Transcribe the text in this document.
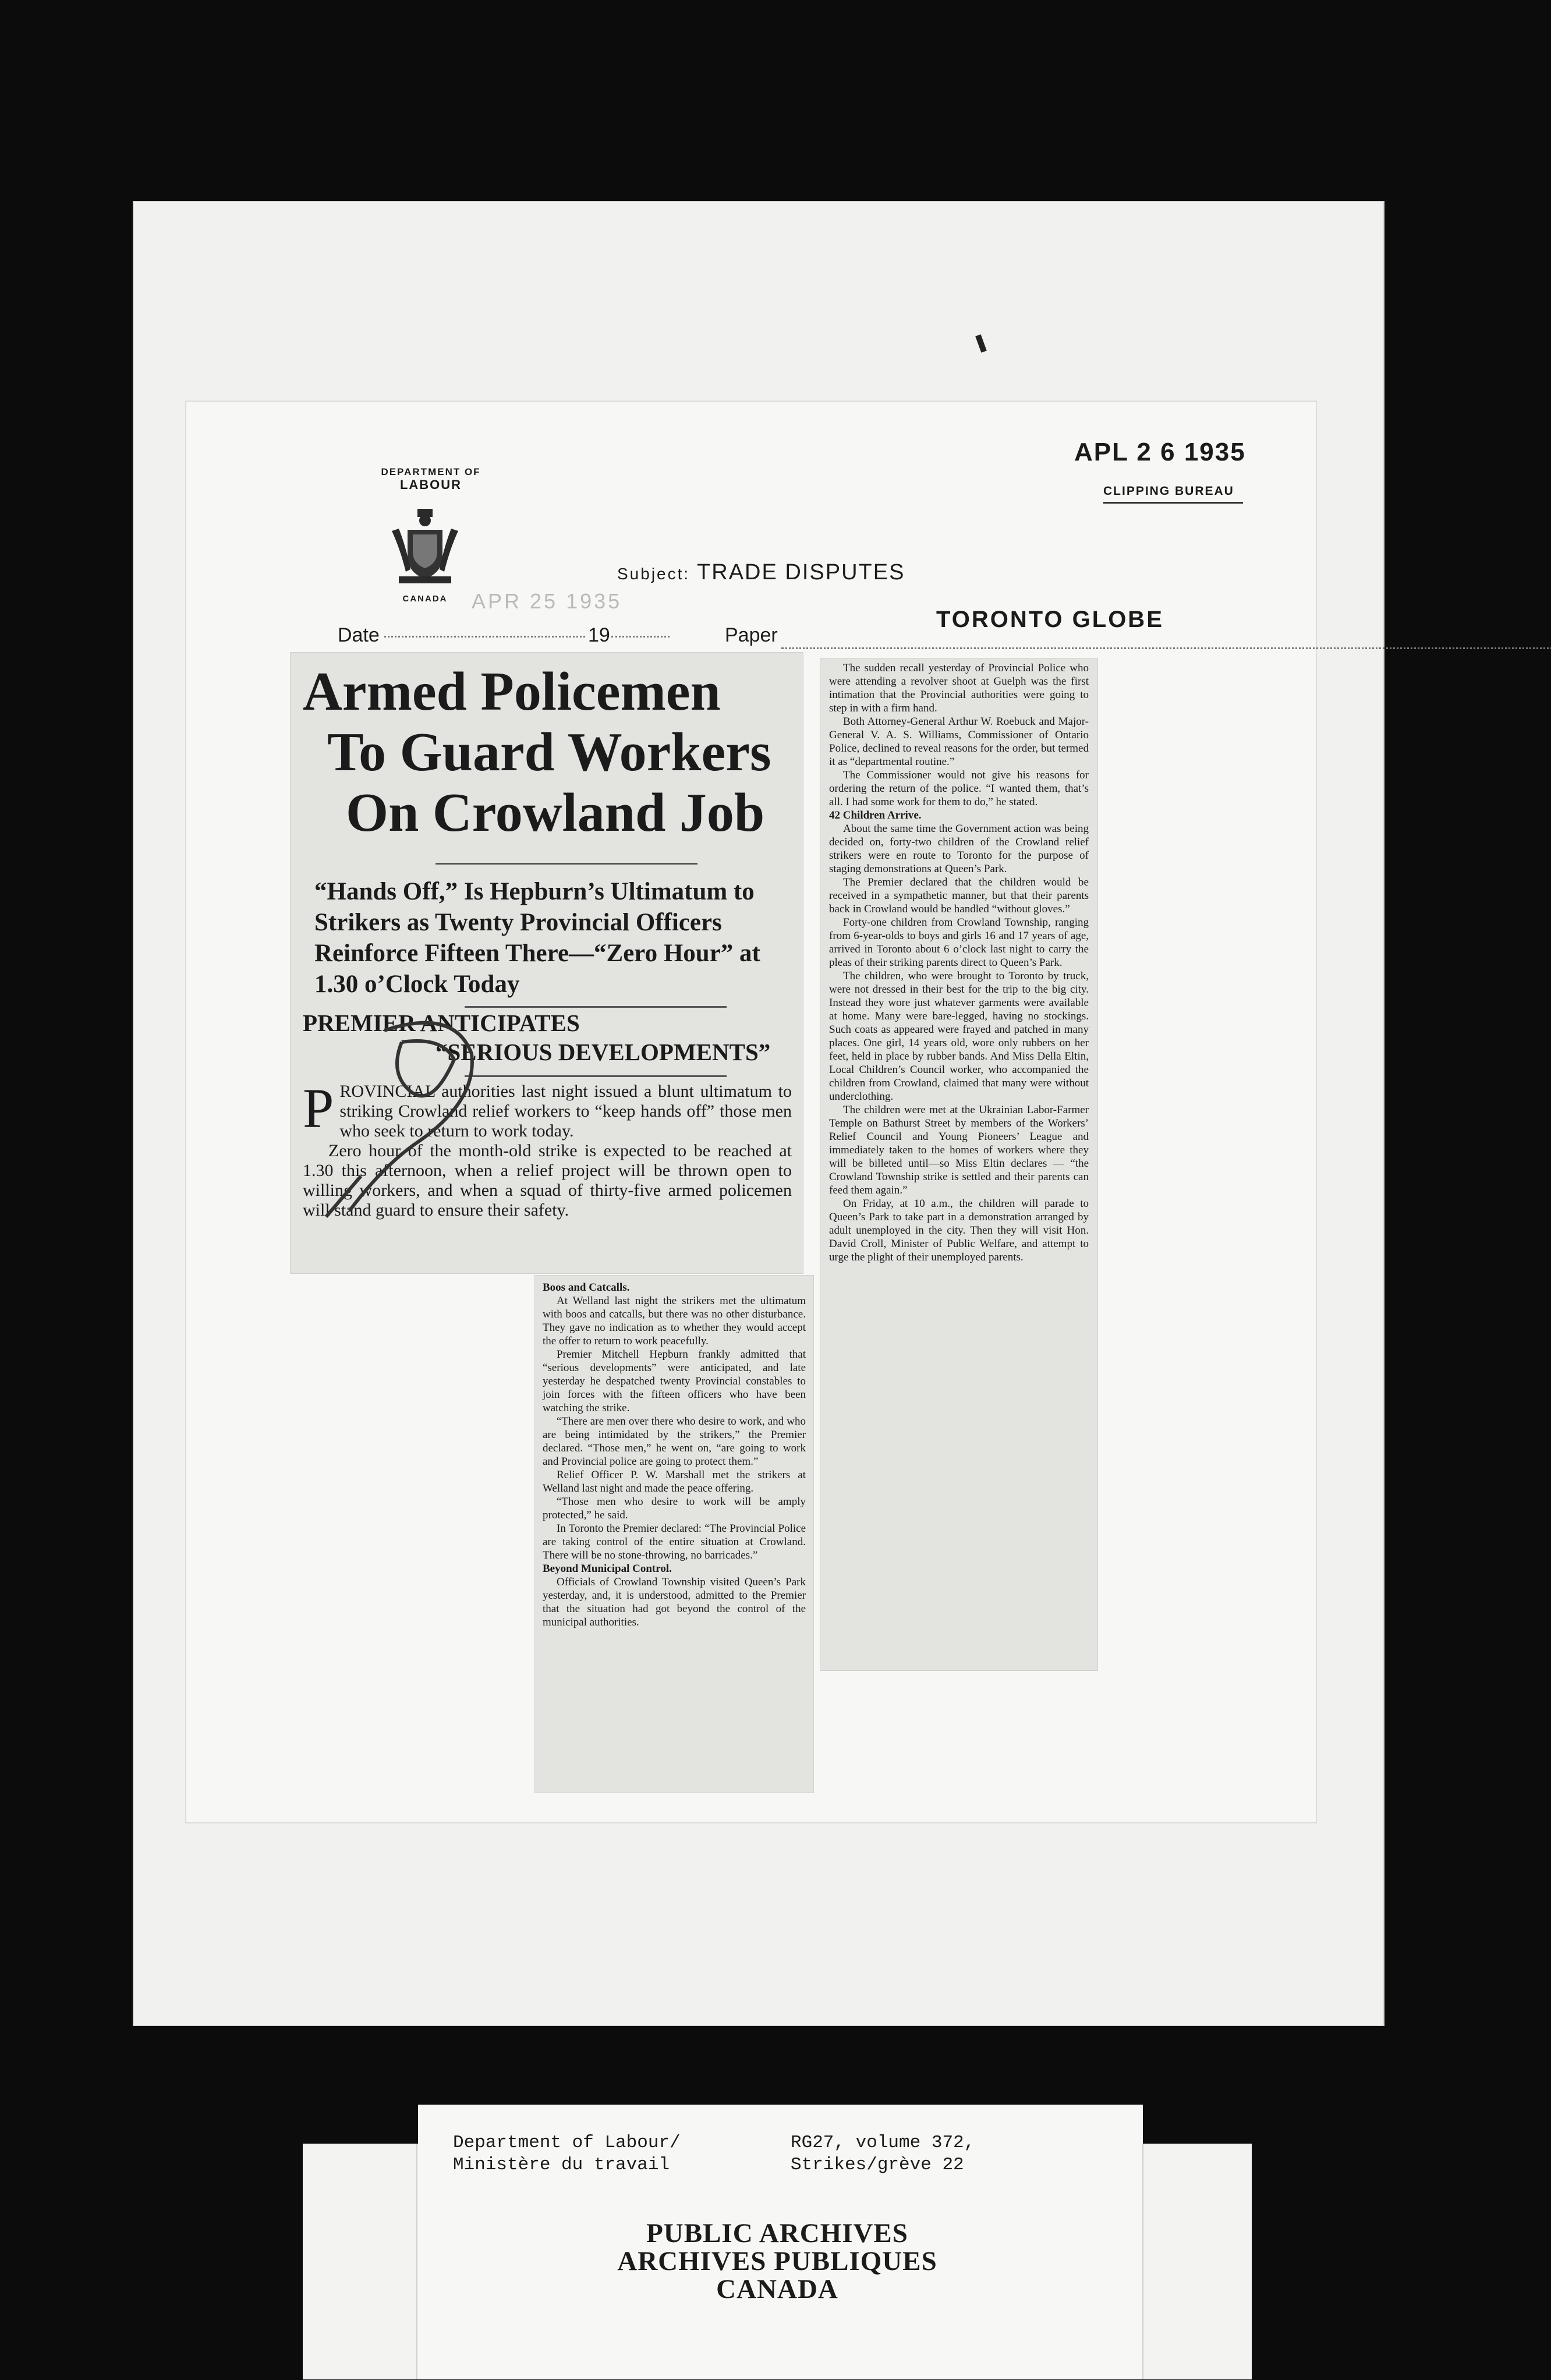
DEPARTMENT OF
LABOUR
CANADA	APR 25 1935
Subject: TRADE DISPUTES
APL 2 6 1935
CLIPPING BUREAU
Date	19	Paper
TORONTO GLOBE
Armed Policemen
To Guard Workers
On Crowland Job
“Hands Off,” Is Hepburn’s Ultimatum to Strikers as Twenty Provincial Officers Reinforce Fifteen There—“Zero Hour” at 1.30 o’Clock Today
PREMIER ANTICIPATES
“SERIOUS DEVELOPMENTS”
P ROVINCIAL authorities last night issued a blunt ultimatum to striking Crowland relief workers to “keep hands off” those men who seek to return to work today.

Zero hour of the month-old strike is expected to be reached at 1.30 this afternoon, when a relief project will be thrown open to willing workers, and when a squad of thirty-five armed policemen will stand guard to ensure their safety.

Boos and Catcalls.

At Welland last night the strikers met the ultimatum with boos and catcalls, but there was no other disturbance. They gave no indication as to whether they would accept the offer to return to work peacefully.

Premier Mitchell Hepburn frankly admitted that “serious developments” were anticipated, and late yesterday he despatched twenty Provincial constables to join forces with the fifteen officers who have been watching the strike.

“There are men over there who desire to work, and who are being intimidated by the strikers,” the Premier declared. “Those men,” he went on, “are going to work and Provincial police are going to protect them.”

Relief Officer P. W. Marshall met the strikers at Welland last night and made the peace offering.

“Those men who desire to work will be amply protected,” he said.

In Toronto the Premier declared: “The Provincial Police are taking control of the entire situation at Crowland. There will be no stone-throwing, no barricades.”

Beyond Municipal Control.

Officials of Crowland Township visited Queen’s Park yesterday, and, it is understood, admitted to the Premier that the situation had got beyond the control of the municipal authorities.

The sudden recall yesterday of Provincial Police who were attending a revolver shoot at Guelph was the first intimation that the Provincial authorities were going to step in with a firm hand.

Both Attorney-General Arthur W. Roebuck and Major-General V. A. S. Williams, Commissioner of Ontario Police, declined to reveal reasons for the order, but termed it as “departmental routine.”

The Commissioner would not give his reasons for ordering the return of the police. “I wanted them, that’s all. I had some work for them to do,” he stated.

42 Children Arrive.

About the same time the Government action was being decided on, forty-two children of the Crowland relief strikers were en route to Toronto for the purpose of staging demonstrations at Queen’s Park.

The Premier declared that the children would be received in a sympathetic manner, but that their parents back in Crowland would be handled “without gloves.”

Forty-one children from Crowland Township, ranging from 6-year-olds to boys and girls 16 and 17 years of age, arrived in Toronto about 6 o’clock last night to carry the pleas of their striking parents direct to Queen’s Park.

The children, who were brought to Toronto by truck, were not dressed in their best for the trip to the big city. Instead they wore just whatever garments were available at home. Many were bare-legged, having no stockings. Such coats as appeared were frayed and patched in many places. One girl, 14 years old, wore only rubbers on her feet, held in place by rubber bands. And Miss Della Eltin, Local Children’s Council worker, who accompanied the children from Crowland, claimed that many were without underclothing.

The children were met at the Ukrainian Labor-Farmer Temple on Bathurst Street by members of the Workers’ Relief Council and Young Pioneers’ League and immediately taken to the homes of workers where they will be billeted until—so Miss Eltin declares — “the Crowland Township strike is settled and their parents can feed them again.”

On Friday, at 10 a.m., the children will parade to Queen’s Park to take part in a demonstration arranged by adult unemployed in the city. Then they will visit Hon. David Croll, Minister of Public Welfare, and attempt to urge the plight of their unemployed parents.

Department of Labour/
Ministère du travail
RG27, volume 372,
Strikes/grève 22
PUBLIC ARCHIVES
ARCHIVES PUBLIQUES
CANADA
